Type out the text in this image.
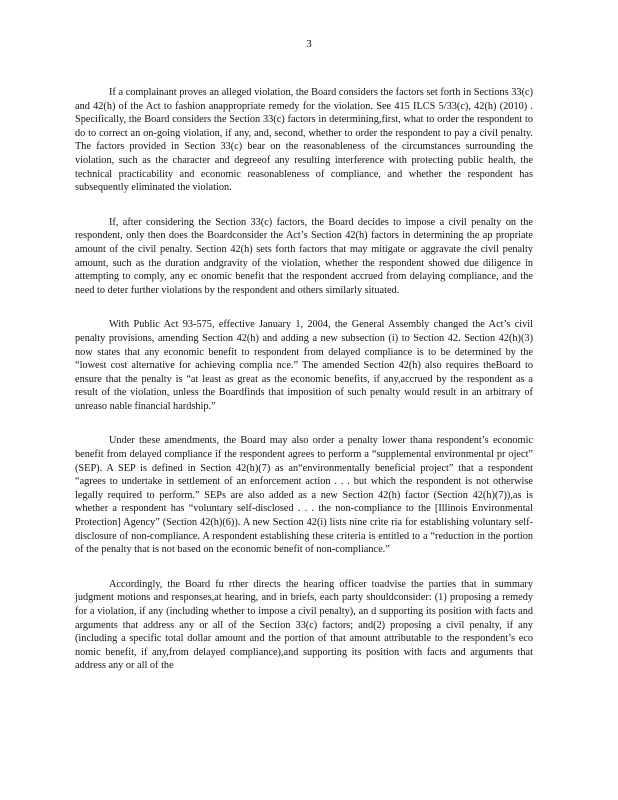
3

If a complainant proves an alleged violation, the Board considers the factors set forth in Sections 33(c) and 42(h) of the Act to fashion anappropriate remedy for the violation. See 415 ILCS 5/33(c), 42(h) (2010) . Specifically, the Board considers the Section 33(c) factors in determining,first, what to order the respondent to do to correct an on-going violation, if any, and, second, whether to order the respondent to pay a civil penalty. The factors provided in Section 33(c) bear on the reasonableness of the circumstances surrounding the violation, such as the character and degreeof any resulting interference with protecting public health, the technical practicability and economic reasonableness of compliance, and whether the respondent has subsequently eliminated the violation.

If, after considering the Section 33(c) factors, the Board decides to impose a civil penalty on the respondent, only then does the Boardconsider the Act’s Section 42(h) factors in determining the ap propriate amount of the civil penalty. Section 42(h) sets forth factors that may mitigate or aggravate the civil penalty amount, such as the duration andgravity of the violation, whether the respondent showed due diligence in attempting to comply, any ec onomic benefit that the respondent accrued from delaying compliance, and the need to deter further violations by the respondent and others similarly situated.

With Public Act 93-575, effective January 1, 2004, the General Assembly changed the Act’s civil penalty provisions, amending Section 42(h) and adding a new subsection (i) to Section 42. Section 42(h)(3) now states that any economic benefit to respondent from delayed compliance is to be determined by the “lowest cost alternative for achieving complia nce.” The amended Section 42(h) also requires theBoard to ensure that the penalty is “at least as great as the economic benefits, if any,accrued by the respondent as a result of the violation, unless the Boardfinds that imposition of such penalty would result in an arbitrary of unreaso nable financial hardship.”

Under these amendments, the Board may also order a penalty lower thana respondent’s economic benefit from delayed compliance if the respondent agrees to perform a “supplemental environmental pr oject” (SEP). A SEP is defined in Section 42(h)(7) as an“environmentally beneficial project” that a respondent “agrees to undertake in settlement of an enforcement action . . . but which the respondent is not otherwise legally required to perform.” SEPs are also added as a new Section 42(h) factor (Section 42(h)(7)),as is whether a respondent has “voluntary self-disclosed . . . the non-compliance to the [Illinois Environmental Protection] Agency” (Section 42(h)(6)). A new Section 42(i) lists nine crite ria for establishing voluntary self-disclosure of non-compliance. A respondent establishing these criteria is entitled to a “reduction in the portion of the penalty that is not based on the economic benefit of non-compliance.”

Accordingly, the Board fu rther directs the hearing officer toadvise the parties that in summary judgment motions and responses,at hearing, and in briefs, each party shouldconsider: (1) proposing a remedy for a violation, if any (including whether to impose a civil penalty), an d supporting its position with facts and arguments that address any or all of the Section 33(c) factors; and(2) proposing a civil penalty, if any (including a specific total dollar amount and the portion of that amount attributable to the respondent’s eco nomic benefit, if any,from delayed compliance),and supporting its position with facts and arguments that address any or all of the
